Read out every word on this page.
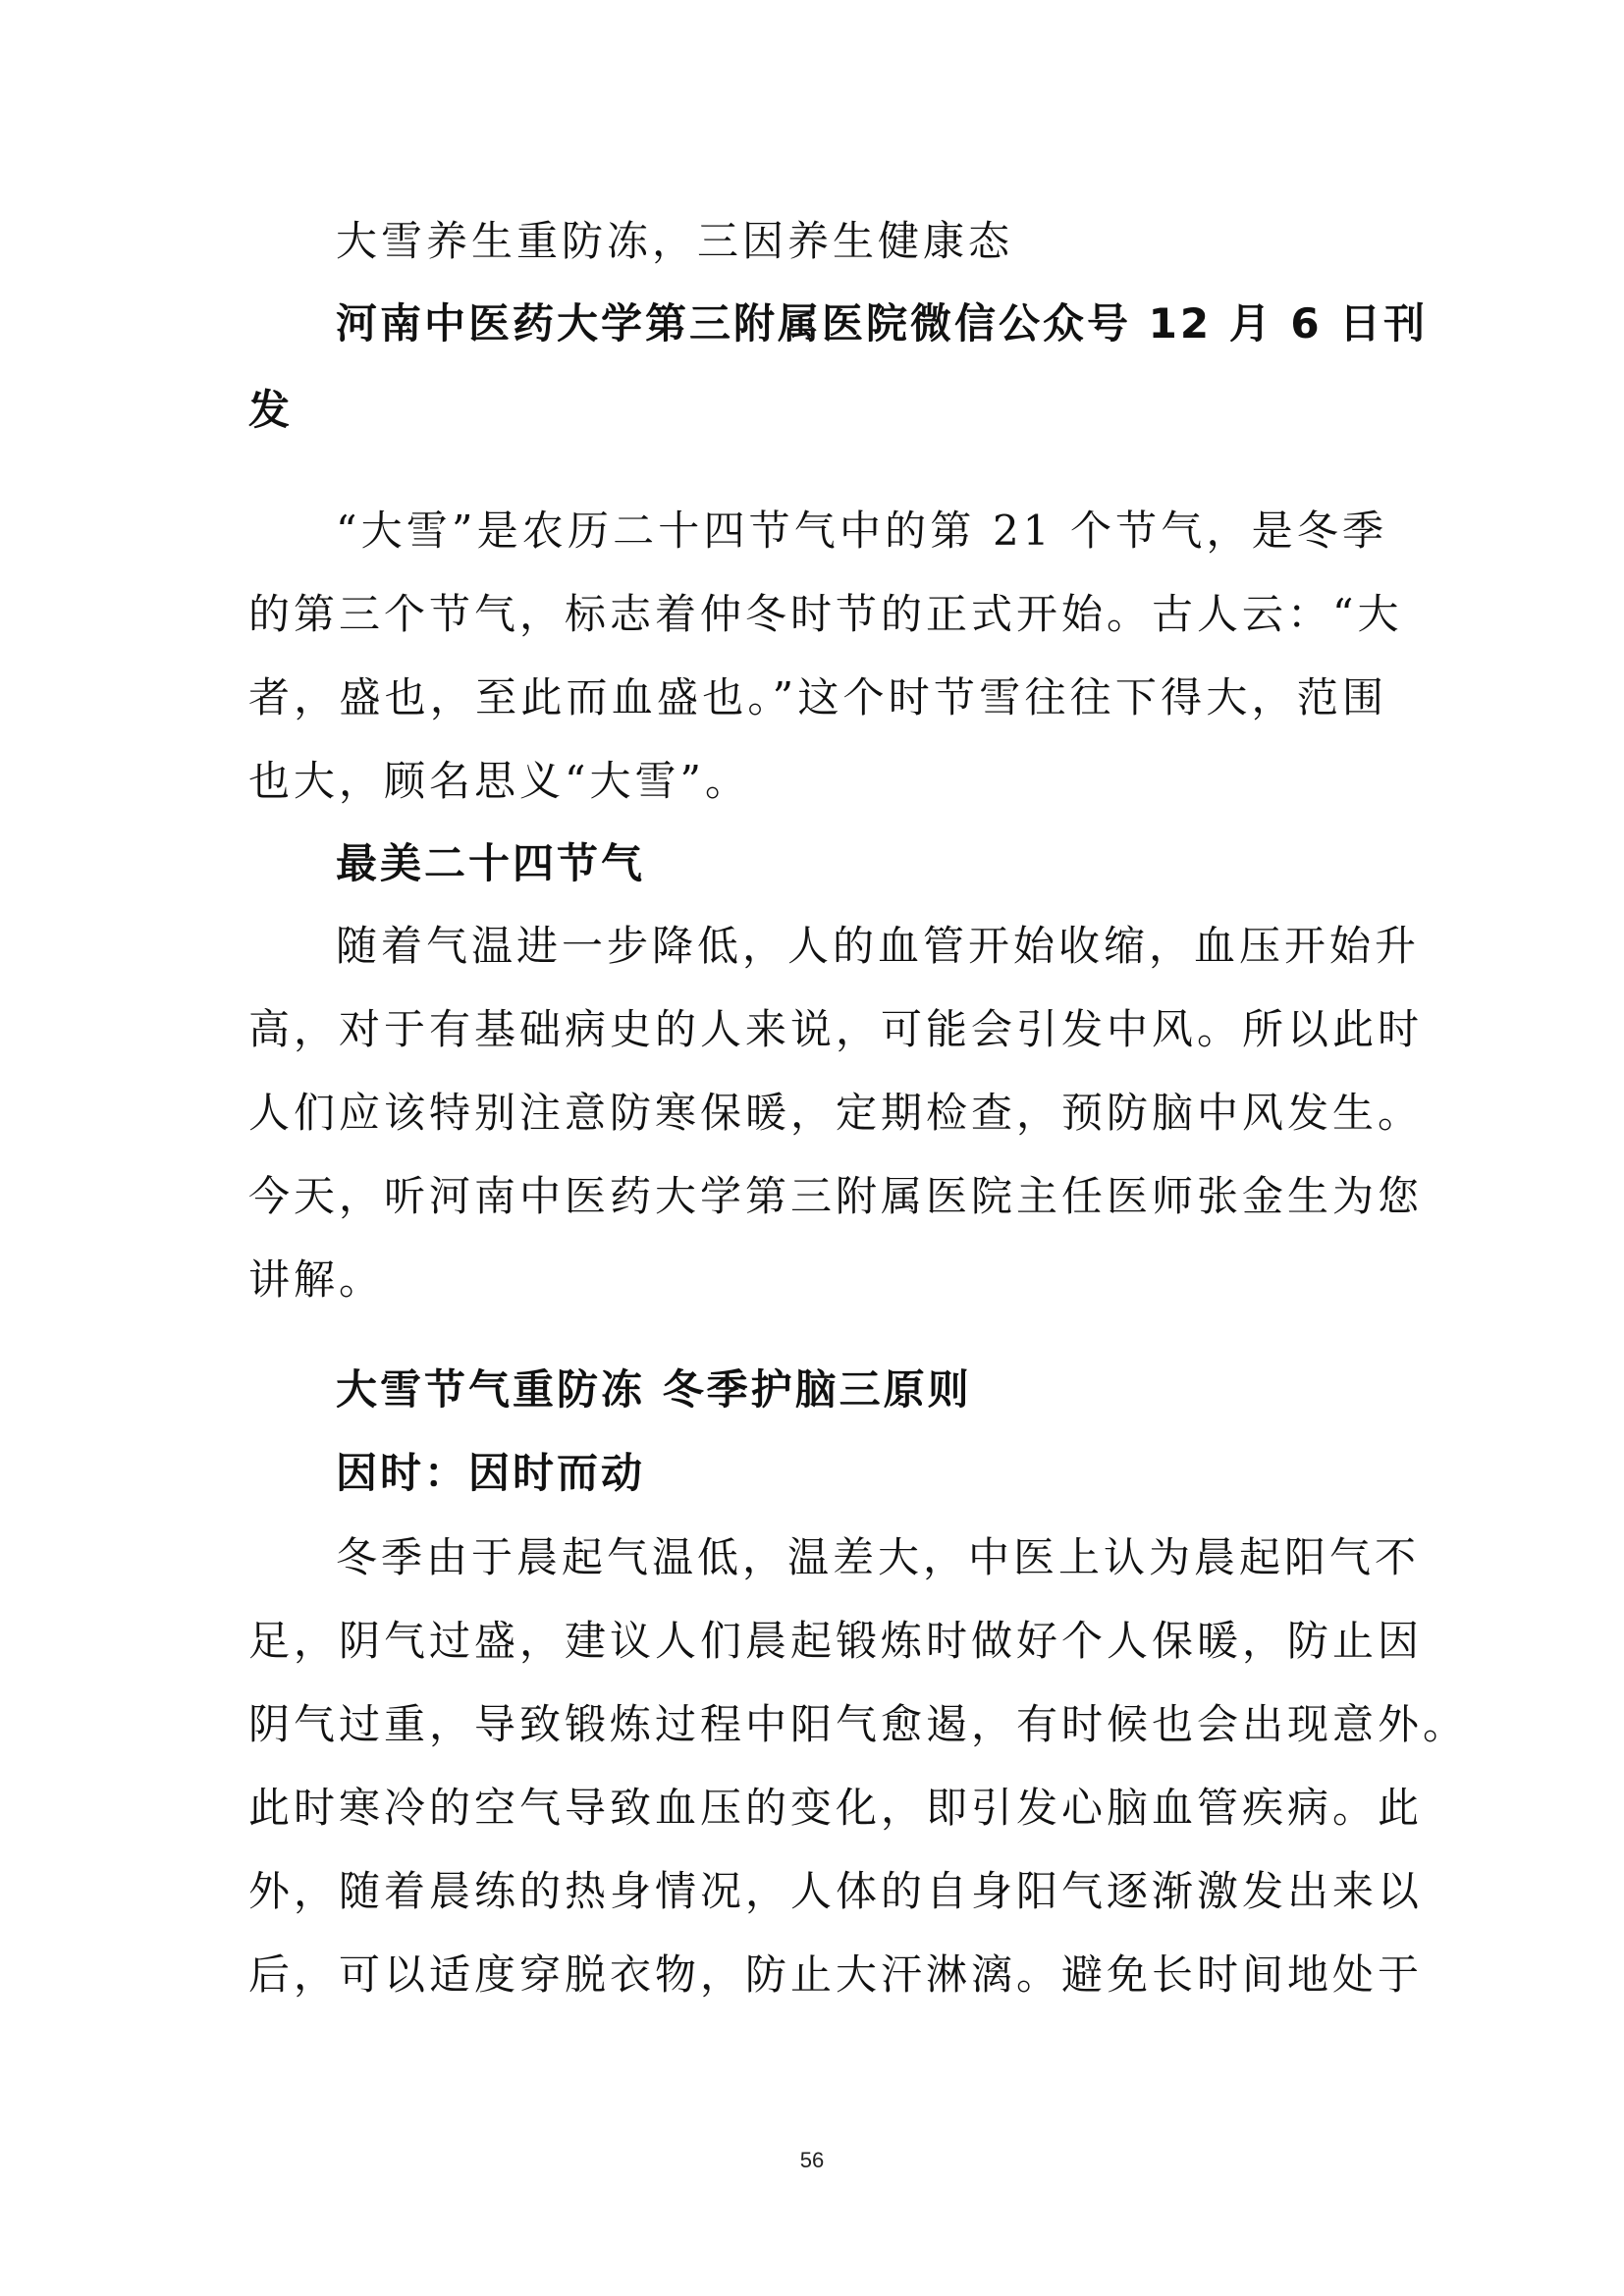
大雪养生重防冻，三因养生健康态
河南中医药大学第三附属医院微信公众号 12 月 6 日刊
发
“大雪”是农历二十四节气中的第 21 个节气，是冬季
的第三个节气，标志着仲冬时节的正式开始。古人云：“大
者，盛也，至此而血盛也。”这个时节雪往往下得大，范围
也大，顾名思义“大雪”。
最美二十四节气
随着气温进一步降低，人的血管开始收缩，血压开始升
高，对于有基础病史的人来说，可能会引发中风。所以此时
人们应该特别注意防寒保暖，定期检查，预防脑中风发生。
今天，听河南中医药大学第三附属医院主任医师张金生为您
讲解。
大雪节气重防冻 冬季护脑三原则
因时：因时而动
冬季由于晨起气温低，温差大，中医上认为晨起阳气不
足，阴气过盛，建议人们晨起锻炼时做好个人保暖，防止因
阴气过重，导致锻炼过程中阳气愈遏，有时候也会出现意外。
此时寒冷的空气导致血压的变化，即引发心脑血管疾病。此
外，随着晨练的热身情况，人体的自身阳气逐渐激发出来以
后，可以适度穿脱衣物，防止大汗淋漓。避免长时间地处于
56
